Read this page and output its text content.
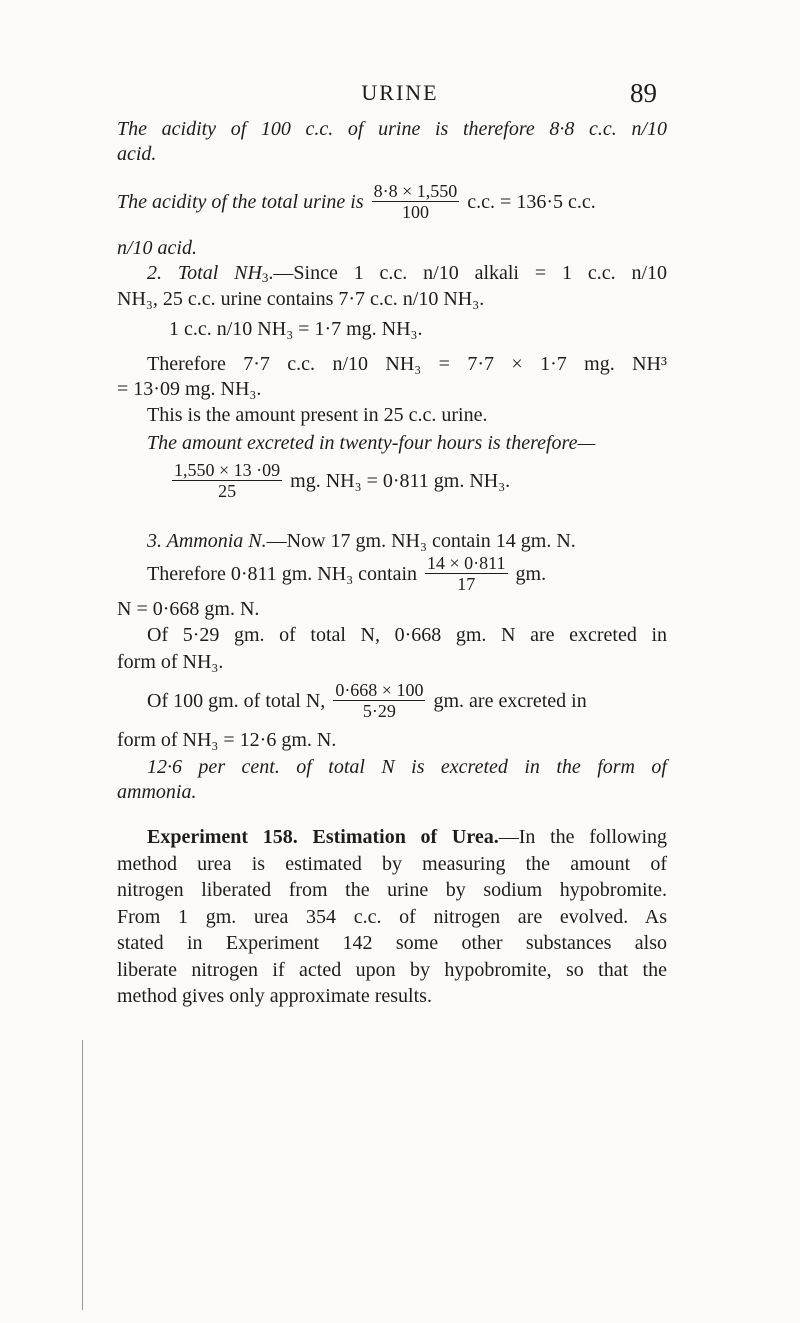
URINE	89
The acidity of 100 c.c. of urine is therefore 8·8 c.c. n/10
acid.
The acidity of the total urine is $\frac{8\cdot 8 \times 1,550}{100} c.c$. = 136·5 c.c.
n/10 acid.
2. Total $NH_3.—Since$ 1 c.c. n/10 alkali = 1 c.c. n/10
NH₃, 25 c.c. urine contains 7·7 c.c. n/10 NH₃.
1 c.c. n/10 NH₃ = 1·7 mg. NH₃.
Therefore 7·7 c.c. n/10 NH₃ = 7·7 × 1·7 mg. NH³
= 13·09 mg. NH₃.
This is the amount present in 25 c.c. urine.
The amount excreted in twenty-four hours is therefore—
$\frac{1,550 \times 13 \cdot 09}{25}$ mg. NH₃ = 0·811 gm. NH₃.
3. Ammonia N.—Now 17 gm. NH₃ contain 14 gm. N.
Therefore 0·811 gm. NH₃ contain $\frac{14 \times 0\cdot 811}{17}$ gm.
N = 0·668 gm. N.
Of 5·29 gm. of total N, 0·668 gm. N are excreted in
form of NH₃.
Of 100 gm. of total N, $\frac{0\cdot 668 \times 100}{5\cdot 29}$ gm. are excreted in
form of NH₃ = 12·6 gm. N.
12·6 per cent. of total N is excreted in the form of
ammonia.
Experiment 158. Estimation of Urea.—In the following
method urea is estimated by measuring the amount of
nitrogen liberated from the urine by sodium hypobromite.
From 1 gm. urea 354 c.c. of nitrogen are evolved. As
stated in Experiment 142 some other substances also
liberate nitrogen if acted upon by hypobromite, so that the
method gives only approximate results.
